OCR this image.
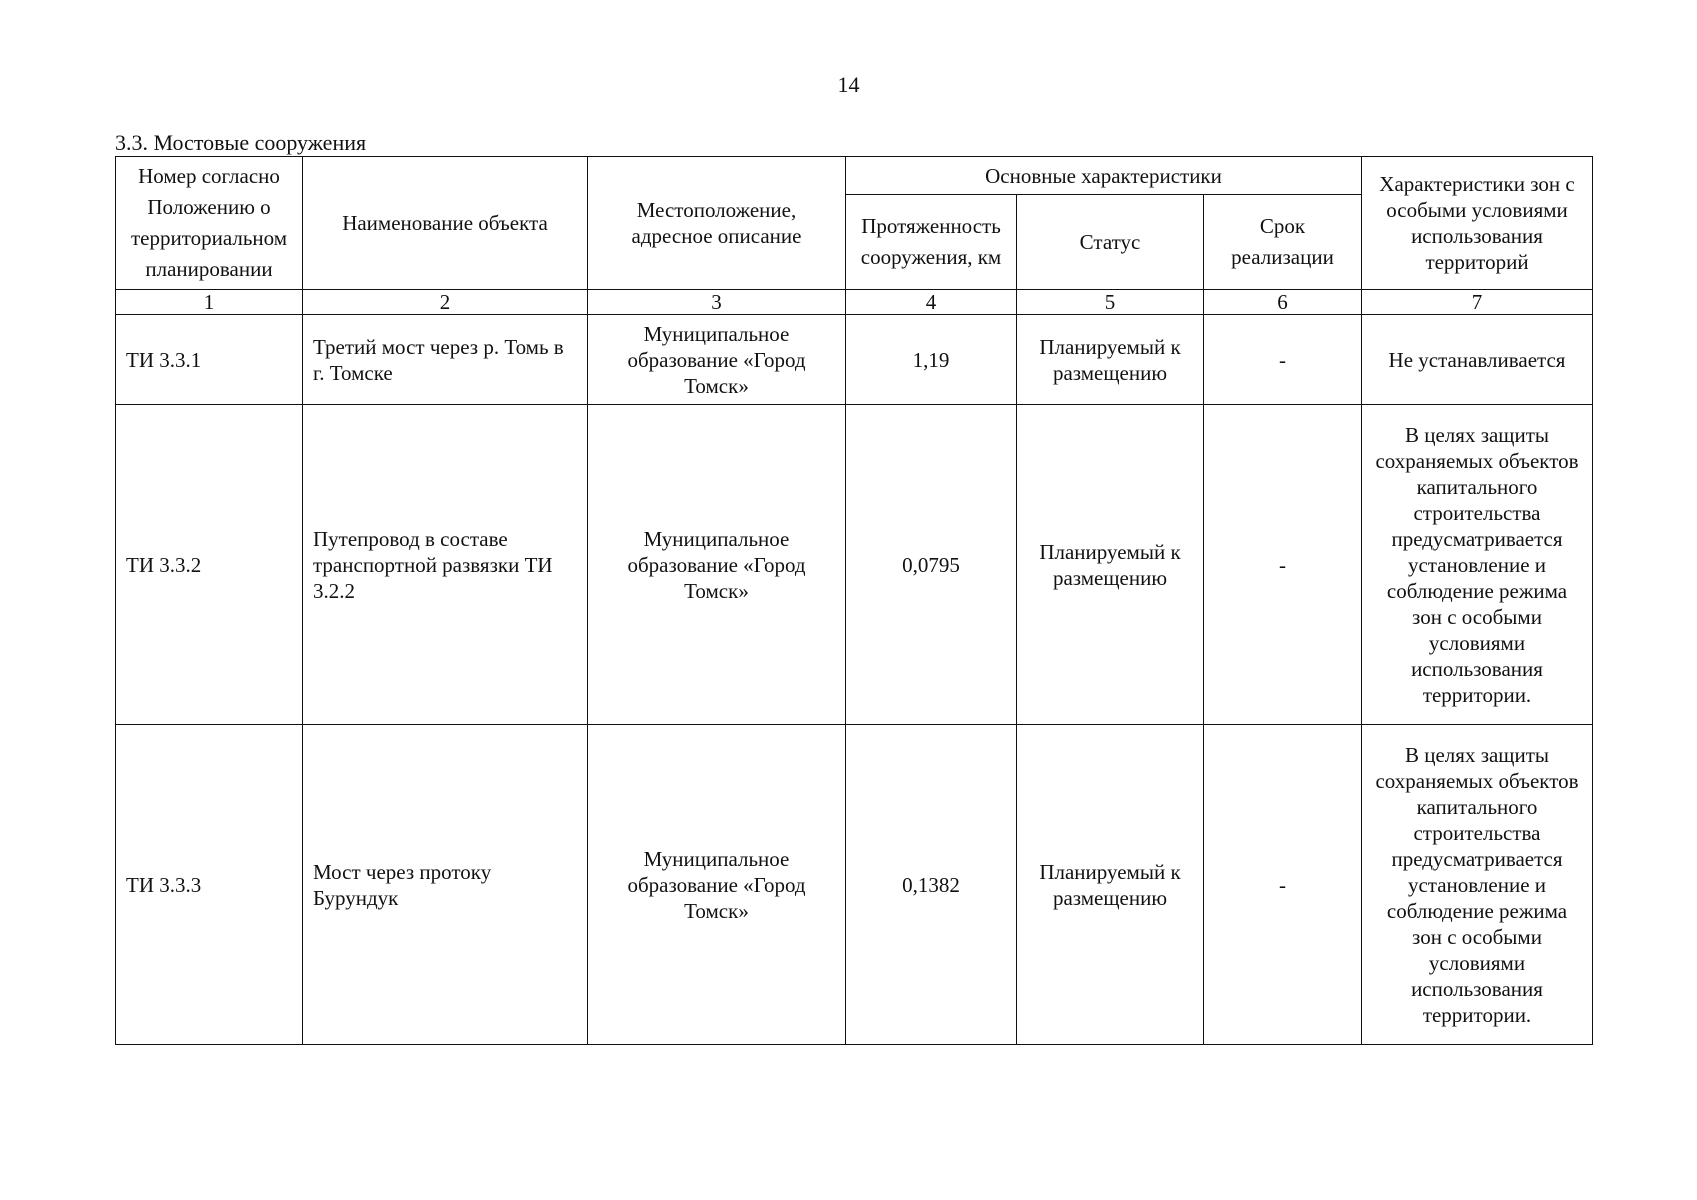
14
3.3. Мостовые сооружения
Номер согласно Положению о территориальном планировании	Наименование объекта	Местоположение, адресное описание	Основные характеристики			Характеристики зон с особыми условиями использования территорий
			Протяженность сооружения, км	Статус	Срок реализации	
1	2	3	4	5	6	7
ТИ 3.3.1	Третий мост через р. Томь в г. Томске	Муниципальное образование «Город Томск»	1,19	Планируемый к размещению	-	Не устанавливается
ТИ 3.3.2	Путепровод в составе транспортной развязки ТИ 3.2.2	Муниципальное образование «Город Томск»	0,0795	Планируемый к размещению	-	В целях защиты сохраняемых объектов капитального строительства предусматривается установление и соблюдение режима зон с особыми условиями использования территории.
ТИ 3.3.3	Мост через протоку Бурундук	Муниципальное образование «Город Томск»	0,1382	Планируемый к размещению	-	В целях защиты сохраняемых объектов капитального строительства предусматривается установление и соблюдение режима зон с особыми условиями использования территории.
